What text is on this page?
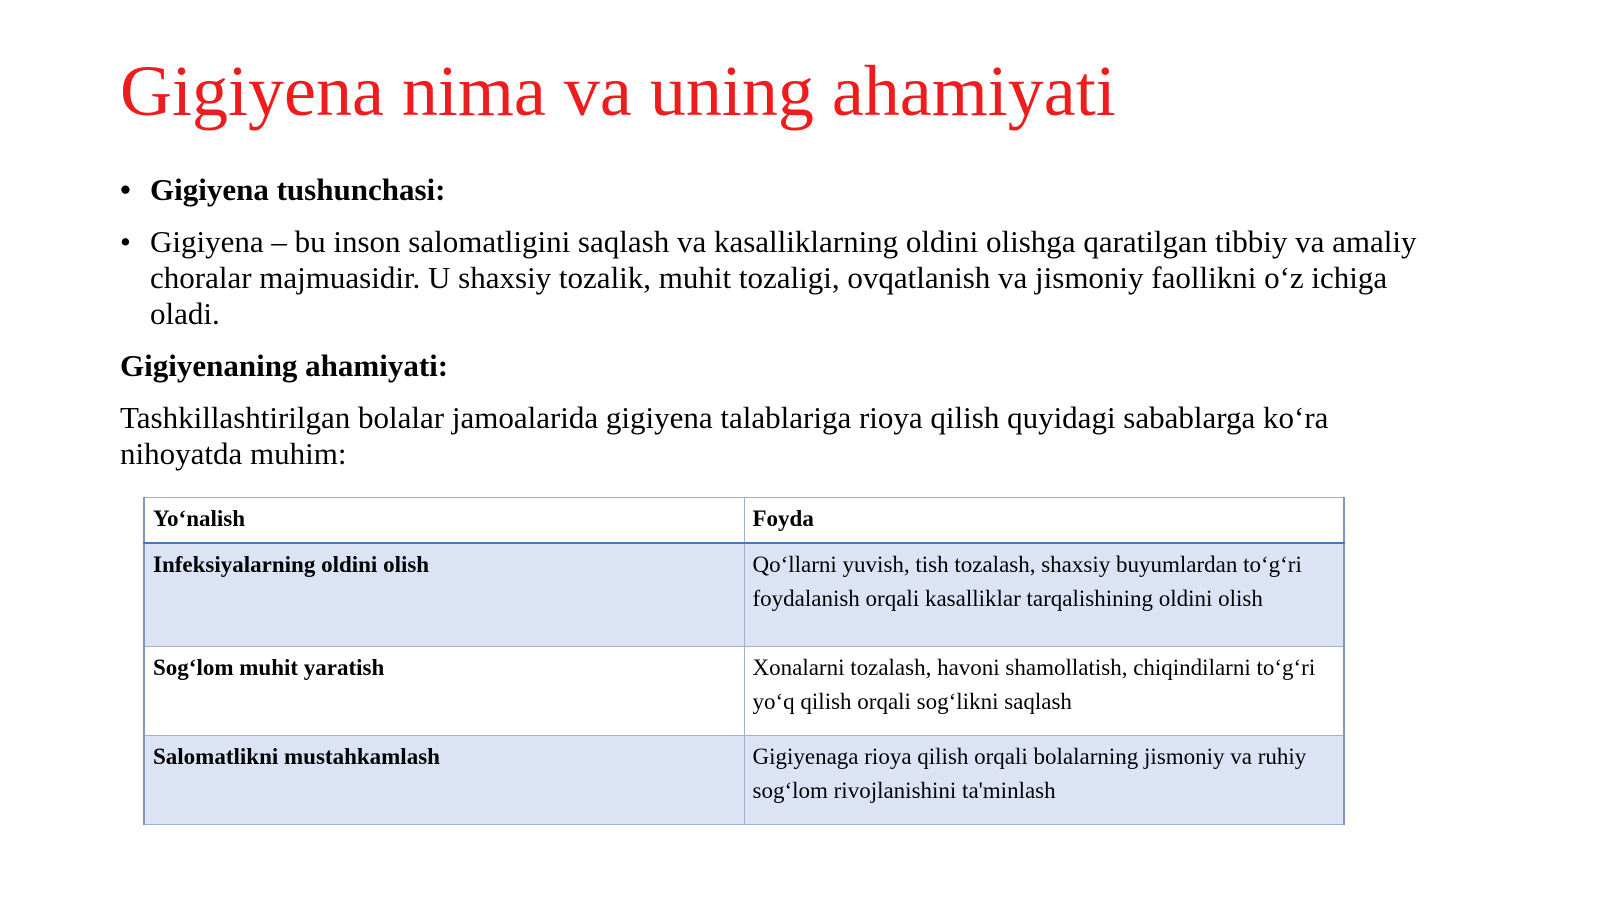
Gigiyena nima va uning ahamiyati
• Gigiyena tushunchasi:
• Gigiyena – bu inson salomatligini saqlash va kasalliklarning oldini olishga qaratilgan tibbiy va amaliy choralar majmuasidir. U shaxsiy tozalik, muhit tozaligi, ovqatlanish va jismoniy faollikni o‘z ichiga oladi.
Gigiyenaning ahamiyati:
Tashkillashtirilgan bolalar jamoalarida gigiyena talablariga rioya qilish quyidagi sabablarga ko‘ra nihoyatda muhim:
Yo‘nalish	Foyda
Infeksiyalarning oldini olish	Qo‘llarni yuvish, tish tozalash, shaxsiy buyumlardan to‘g‘ri foydalanish orqali kasalliklar tarqalishining oldini olish
Sog‘lom muhit yaratish	Xonalarni tozalash, havoni shamollatish, chiqindilarni to‘g‘ri yo‘q qilish orqali sog‘likni saqlash
Salomatlikni mustahkamlash	Gigiyenaga rioya qilish orqali bolalarning jismoniy va ruhiy sog‘lom rivojlanishini ta'minlash
